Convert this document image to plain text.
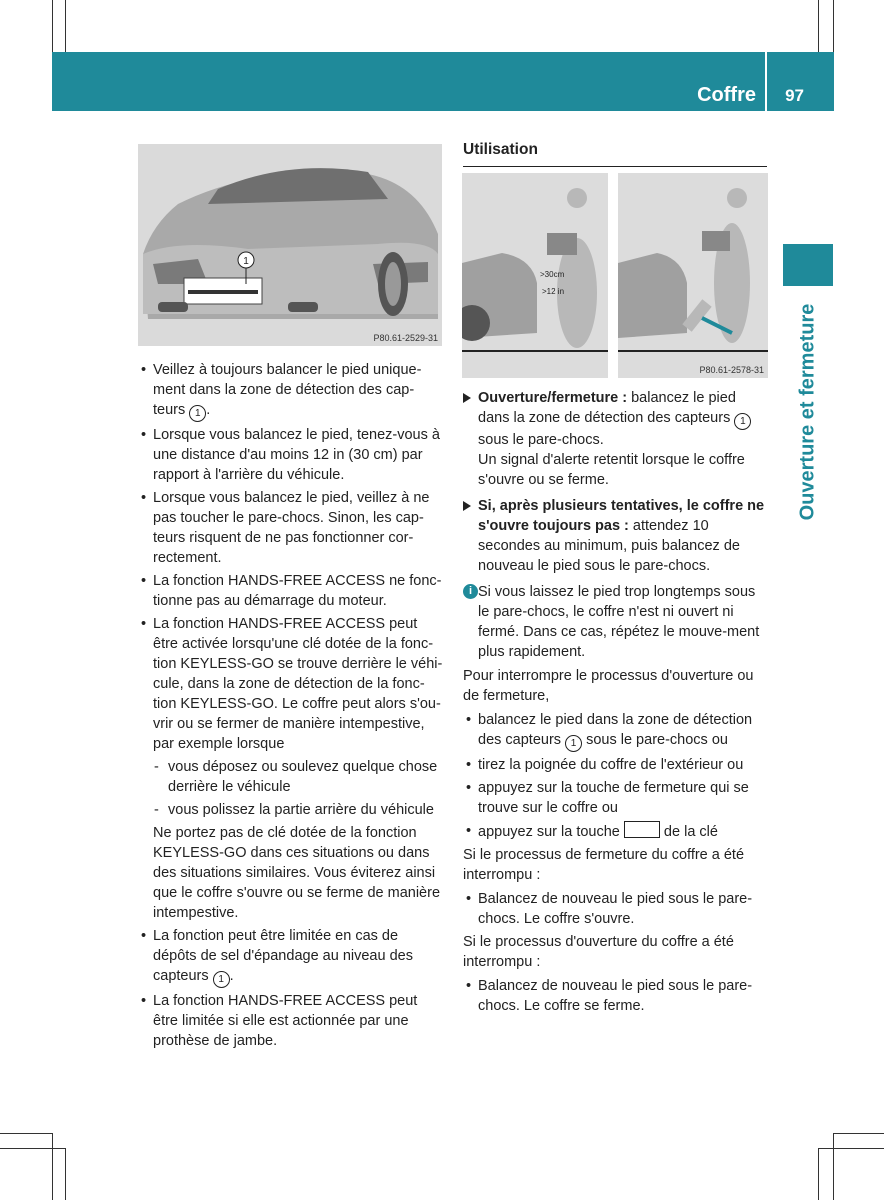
Coffre 97
Ouverture et fermeture
1
P80.61-2529-31
• Veillez à toujours balancer le pied unique-
ment dans la zone de détection des cap-
teurs 1 .
• Lorsque vous balancez le pied, tenez-vous à une distance d'au moins 12 in (30 cm) par rapport à l'arrière du véhicule.
• Lorsque vous balancez le pied, veillez à ne pas toucher le pare-chocs. Sinon, les cap-teurs risquent de ne pas fonctionner cor-rectement.
• La fonction HANDS-FREE ACCESS ne fonc-tionne pas au démarrage du moteur.
• La fonction HANDS-FREE ACCESS peut être activée lorsqu'une clé dotée de la fonc-tion KEYLESS-GO se trouve derrière le véhi-cule, dans la zone de détection de la fonc-tion KEYLESS-GO. Le coffre peut alors s'ou-vrir ou se fermer de manière intempestive, par exemple lorsque
- vous déposez ou soulevez quelque chose derrière le véhicule
- vous polissez la partie arrière du véhicule
Ne portez pas de clé dotée de la fonction KEYLESS-GO dans ces situations ou dans des situations similaires. Vous éviterez ainsi que le coffre s'ouvre ou se ferme de manière intempestive.
• La fonction peut être limitée en cas de dépôts de sel d'épandage au niveau des capteurs 1 .
• La fonction HANDS-FREE ACCESS peut être limitée si elle est actionnée par une prothèse de jambe.
Utilisation
>30cm
>12 in
P80.61-2578-31
Ouverture/fermeture : balancez le pied dans la zone de détection des capteurs 1 sous le pare-chocs.
Un signal d'alerte retentit lorsque le coffre s'ouvre ou se ferme.
Si, après plusieurs tentatives, le coffre ne s'ouvre toujours pas : attendez 10 secondes au minimum, puis balancez de nouveau le pied sous le pare-chocs.
i Si vous laissez le pied trop longtemps sous le pare-chocs, le coffre n'est ni ouvert ni fermé. Dans ce cas, répétez le mouve-ment plus rapidement.

Pour interrompre le processus d'ouverture ou de fermeture,

• balancez le pied dans la zone de détection des capteurs 1 sous le pare-chocs ou
• tirez la poignée du coffre de l'extérieur ou
• appuyez sur la touche de fermeture qui se trouve sur le coffre ou
• appuyez sur la touche  de la clé

Si le processus de fermeture du coffre a été interrompu :

• Balancez de nouveau le pied sous le pare-chocs. Le coffre s'ouvre.

Si le processus d'ouverture du coffre a été interrompu :

• Balancez de nouveau le pied sous le pare-chocs. Le coffre se ferme.
